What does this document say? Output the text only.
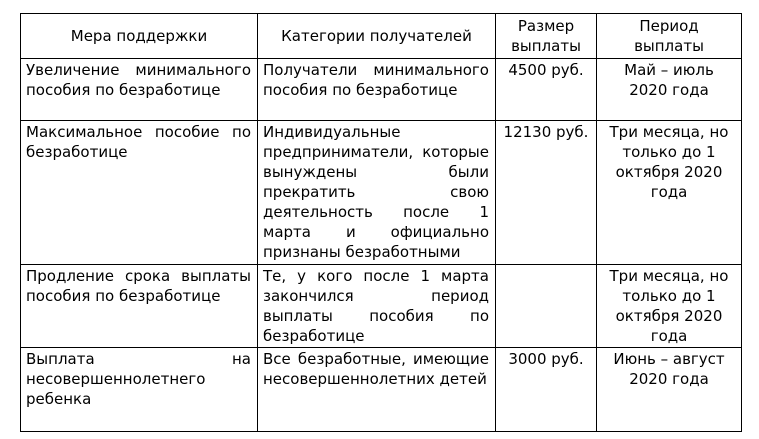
Мера поддержки	Категории получателей	Размер выплаты	Период выплаты
Увеличение минимального пособия по безработице	Получатели минимального пособия по безработице	4500 руб.	Май – июль 2020 года
Максимальное пособие по безработице	Индивидуальные предприниматели, которые вынуждены были прекратить свою деятельность после 1 марта и официально признаны безработными	12130 руб.	Три месяца, но только до 1 октября 2020 года
Продление срока выплаты пособия по безработице	Те, у кого после 1 марта закончился период выплаты пособия по безработице		Три месяца, но только до 1 октября 2020 года
Выплата на несовершеннолетнего ребенка	Все безработные, имеющие несовершеннолетних детей	3000 руб.	Июнь – август 2020 года
